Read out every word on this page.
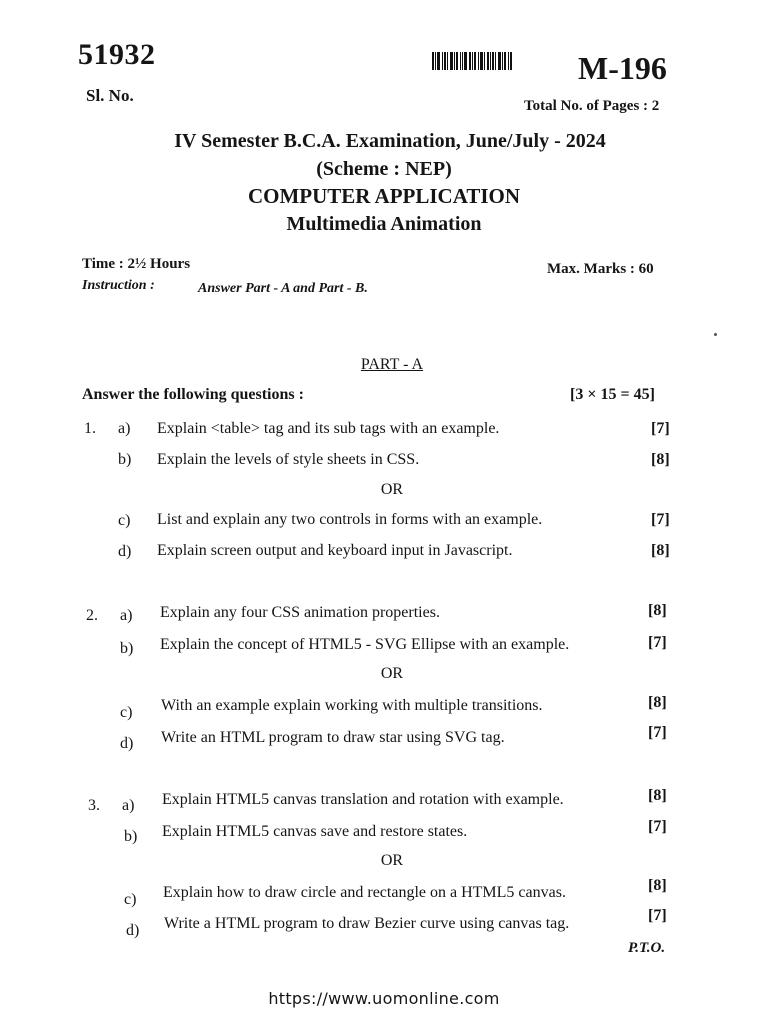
51932
Sl. No.
M-196
Total No. of Pages : 2
IV Semester B.C.A. Examination, June/July - 2024
(Scheme : NEP)
COMPUTER APPLICATION
Multimedia Animation
Time : 2½ Hours	Max. Marks : 60
Instruction :	Answer Part - A and Part - B.
PART - A
Answer the following questions :	[3 × 15 = 45]
1. a) Explain <table> tag and its sub tags with an example.	[7]
b) Explain the levels of style sheets in CSS.	[8]
OR
c) List and explain any two controls in forms with an example.	[7]
d) Explain screen output and keyboard input in Javascript.	[8]
2. a) Explain any four CSS animation properties.	[8]
b) Explain the concept of HTML5 - SVG Ellipse with an example.	[7]
OR
c) With an example explain working with multiple transitions.	[8]
d) Write an HTML program to draw star using SVG tag.	[7]
3. a) Explain HTML5 canvas translation and rotation with example.	[8]
b) Explain HTML5 canvas save and restore states.	[7]
OR
c) Explain how to draw circle and rectangle on a HTML5 canvas.	[8]
d) Write a HTML program to draw Bezier curve using canvas tag.	[7]
P.T.O.
https://www.uomonline.com
